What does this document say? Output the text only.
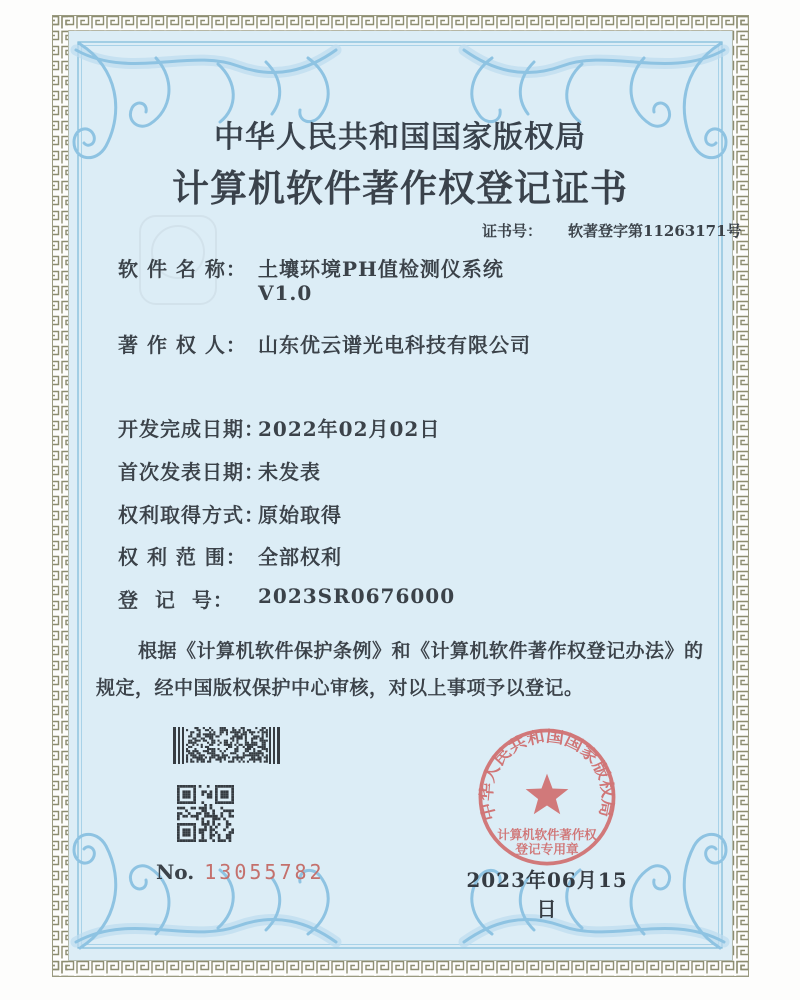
中华人民共和国国家版权局
计算机软件著作权登记证书
证书号： 软著登字第11263171号
软 件 名 称： 土壤环境PH值检测仪系统
V1.0
著 作 权 人： 山东优云谱光电科技有限公司
开发完成日期：
2022年02月02日
首次发表日期：
未发表
权利取得方式：
原始取得
权 利 范 围： 全部权利
登  记  号： 2023SR0676000
根据《计算机软件保护条例》和《计算机软件著作权登记办法》的
规定，经中国版权保护中心审核，对以上事项予以登记。
No. 13055782
中华人民共和国国家版权局
计算机软件著作权
登记专用章
2023年06月15日
